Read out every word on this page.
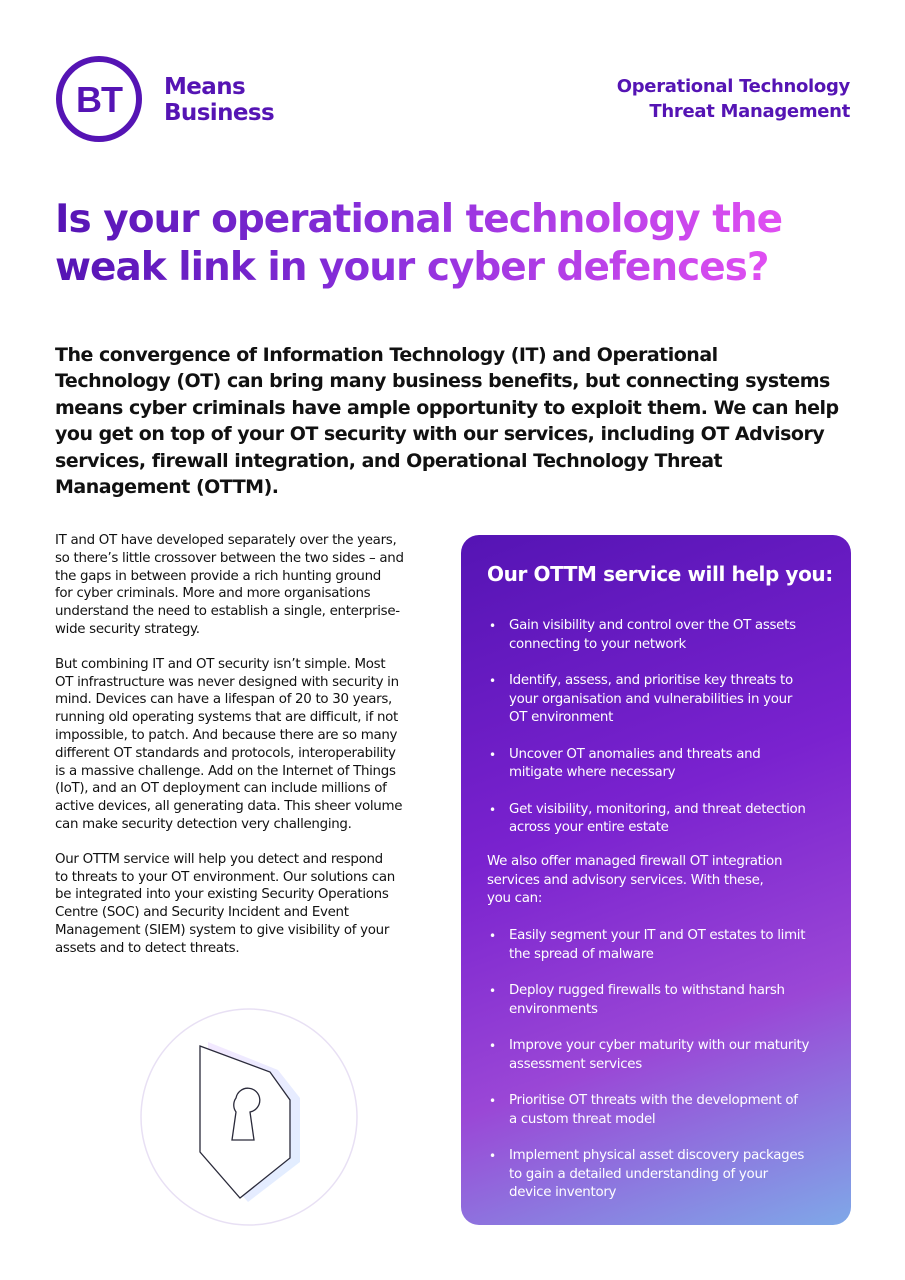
BT Means
Business
Operational Technology
Threat Management
Is your operational technology the
weak link in your cyber defences?
The convergence of Information Technology (IT) and Operational
Technology (OT) can bring many business benefits, but connecting systems
means cyber criminals have ample opportunity to exploit them. We can help
you get on top of your OT security with our services, including OT Advisory
services, firewall integration, and Operational Technology Threat
Management (OTTM).
IT and OT have developed separately over the years,
so there’s little crossover between the two sides – and
the gaps in between provide a rich hunting ground
for cyber criminals. More and more organisations
understand the need to establish a single, enterprise-
wide security strategy.
But combining IT and OT security isn’t simple. Most
OT infrastructure was never designed with security in
mind. Devices can have a lifespan of 20 to 30 years,
running old operating systems that are difficult, if not
impossible, to patch. And because there are so many
different OT standards and protocols, interoperability
is a massive challenge. Add on the Internet of Things
(IoT), and an OT deployment can include millions of
active devices, all generating data. This sheer volume
can make security detection very challenging.
Our OTTM service will help you detect and respond
to threats to your OT environment. Our solutions can
be integrated into your existing Security Operations
Centre (SOC) and Security Incident and Event
Management (SIEM) system to give visibility of your
assets and to detect threats.
Our OTTM service will help you:
• Gain visibility and control over the OT assets
connecting to your network
• Identify, assess, and prioritise key threats to
your organisation and vulnerabilities in your
OT environment
• Uncover OT anomalies and threats and
mitigate where necessary
• Get visibility, monitoring, and threat detection
across your entire estate
We also offer managed firewall OT integration
services and advisory services. With these,
you can:
• Easily segment your IT and OT estates to limit
the spread of malware
• Deploy rugged firewalls to withstand harsh
environments
• Improve your cyber maturity with our maturity
assessment services
• Prioritise OT threats with the development of
a custom threat model
• Implement physical asset discovery packages
to gain a detailed understanding of your
device inventory
